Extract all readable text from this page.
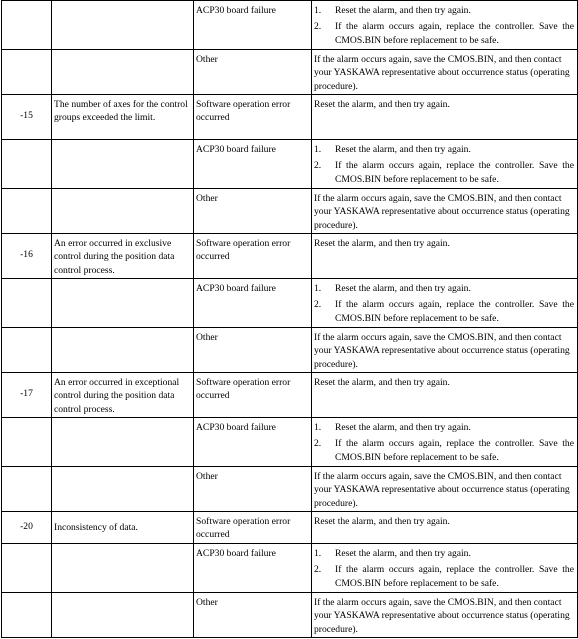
		ACP30 board failure	1. Reset the alarm, and then try again.
2. If the alarm occurs again, replace the controller. Save the CMOS.BIN before replacement to be safe.

		Other	If the alarm occurs again, save the CMOS.BIN, and then contact your YASKAWA representative about occurrence status (operating procedure).
-15	The number of axes for the control groups exceeded the limit.	Software operation error occurred	Reset the alarm, and then try again.
		ACP30 board failure	1. Reset the alarm, and then try again.
2. If the alarm occurs again, replace the controller. Save the CMOS.BIN before replacement to be safe.

		Other	If the alarm occurs again, save the CMOS.BIN, and then contact your YASKAWA representative about occurrence status (operating procedure).
-16	An error occurred in exclusive control during the position data control process.	Software operation error occurred	Reset the alarm, and then try again.
		ACP30 board failure	1. Reset the alarm, and then try again.
2. If the alarm occurs again, replace the controller. Save the CMOS.BIN before replacement to be safe.

		Other	If the alarm occurs again, save the CMOS.BIN, and then contact your YASKAWA representative about occurrence status (operating procedure).
-17	An error occurred in exceptional control during the position data control process.	Software operation error occurred	Reset the alarm, and then try again.
		ACP30 board failure	1. Reset the alarm, and then try again.
2. If the alarm occurs again, replace the controller. Save the CMOS.BIN before replacement to be safe.

		Other	If the alarm occurs again, save the CMOS.BIN, and then contact your YASKAWA representative about occurrence status (operating procedure).
-20	Inconsistency of data.	Software operation error occurred	Reset the alarm, and then try again.
		ACP30 board failure	1. Reset the alarm, and then try again.
2. If the alarm occurs again, replace the controller. Save the CMOS.BIN before replacement to be safe.

		Other	If the alarm occurs again, save the CMOS.BIN, and then contact your YASKAWA representative about occurrence status (operating procedure).
